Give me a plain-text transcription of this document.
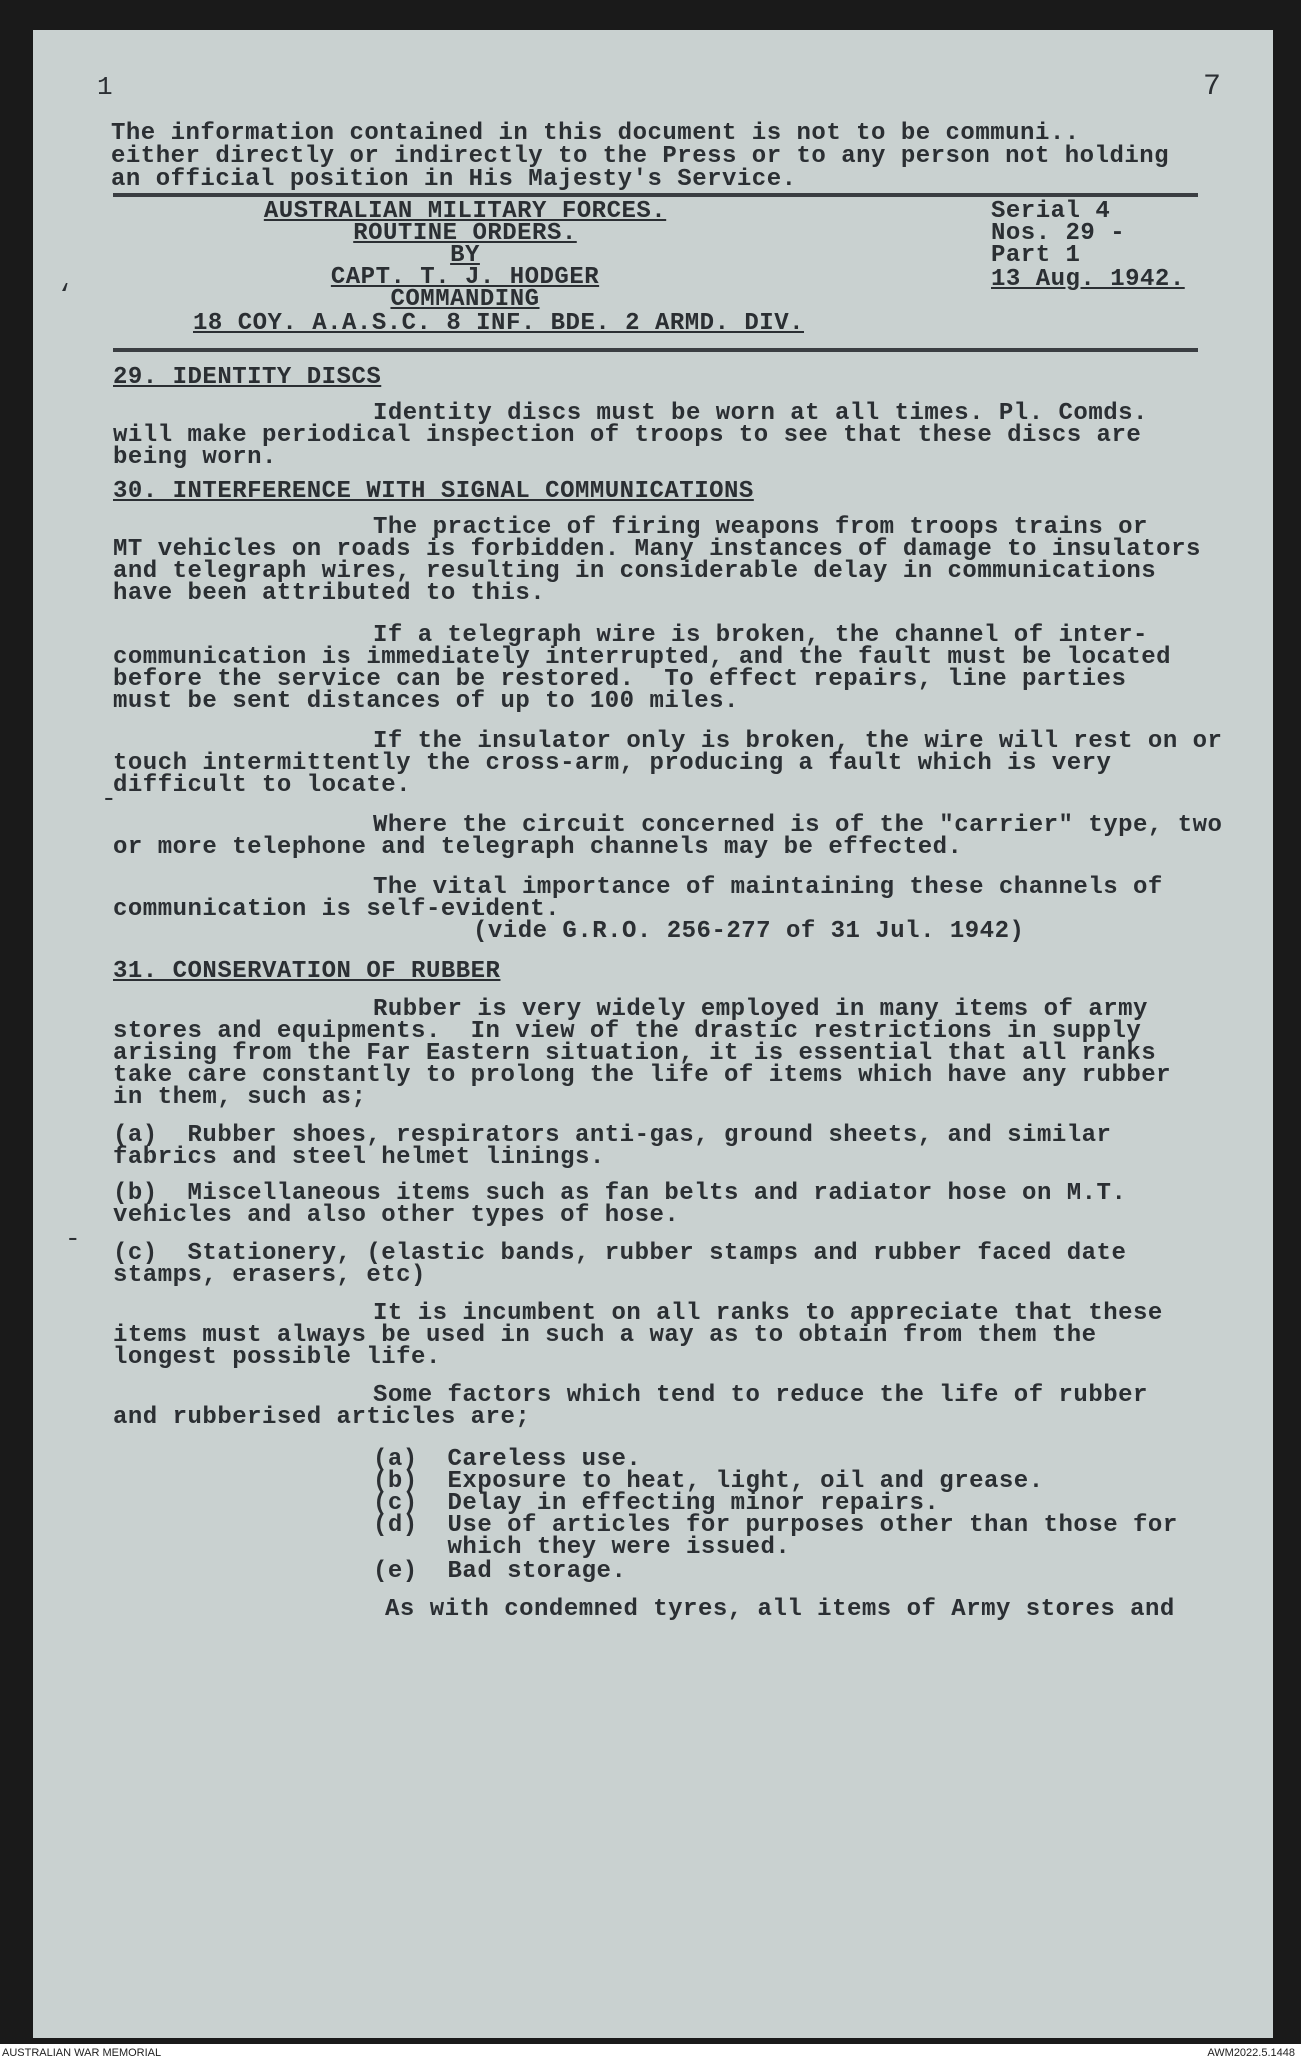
1	7
‘
-
-
The information contained in this document is not to be communi..
either directly or indirectly to the Press or to any person not holding
an official position in His Majesty's Service.
AUSTRALIAN MILITARY FORCES.
ROUTINE ORDERS.
BY
CAPT. T. J. HODGER
COMMANDING
18 COY. A.A.S.C. 8 INF. BDE. 2 ARMD. DIV.
Serial 4
Nos. 29 -
Part 1
13 Aug. 1942.
29. IDENTITY DISCS
Identity discs must be worn at all times. Pl. Comds.
will make periodical inspection of troops to see that these discs are
being worn.
30. INTERFERENCE WITH SIGNAL COMMUNICATIONS
The practice of firing weapons from troops trains or
MT vehicles on roads is forbidden. Many instances of damage to insulators
and telegraph wires, resulting in considerable delay in communications
have been attributed to this.
If a telegraph wire is broken, the channel of inter-
communication is immediately interrupted, and the fault must be located
before the service can be restored.  To effect repairs, line parties
must be sent distances of up to 100 miles.
If the insulator only is broken, the wire will rest on or
touch intermittently the cross-arm, producing a fault which is very
difficult to locate.
Where the circuit concerned is of the "carrier" type, two
or more telephone and telegraph channels may be effected.
The vital importance of maintaining these channels of
communication is self-evident.
(vide G.R.O. 256-277 of 31 Jul. 1942)
31. CONSERVATION OF RUBBER
Rubber is very widely employed in many items of army
stores and equipments.  In view of the drastic restrictions in supply
arising from the Far Eastern situation, it is essential that all ranks
take care constantly to prolong the life of items which have any rubber
in them, such as;
(a)  Rubber shoes, respirators anti-gas, ground sheets, and similar
fabrics and steel helmet linings.
(b)  Miscellaneous items such as fan belts and radiator hose on M.T.
vehicles and also other types of hose.
(c)  Stationery, (elastic bands, rubber stamps and rubber faced date
stamps, erasers, etc)
It is incumbent on all ranks to appreciate that these
items must always be used in such a way as to obtain from them the
longest possible life.
Some factors which tend to reduce the life of rubber
and rubberised articles are;
(a)  Careless use.
(b)  Exposure to heat, light, oil and grease.
(c)  Delay in effecting minor repairs.
(d)  Use of articles for purposes other than those for
which they were issued.
(e)  Bad storage.
As with condemned tyres, all items of Army stores and
AUSTRALIAN WAR MEMORIAL	AWM2022.5.1448
